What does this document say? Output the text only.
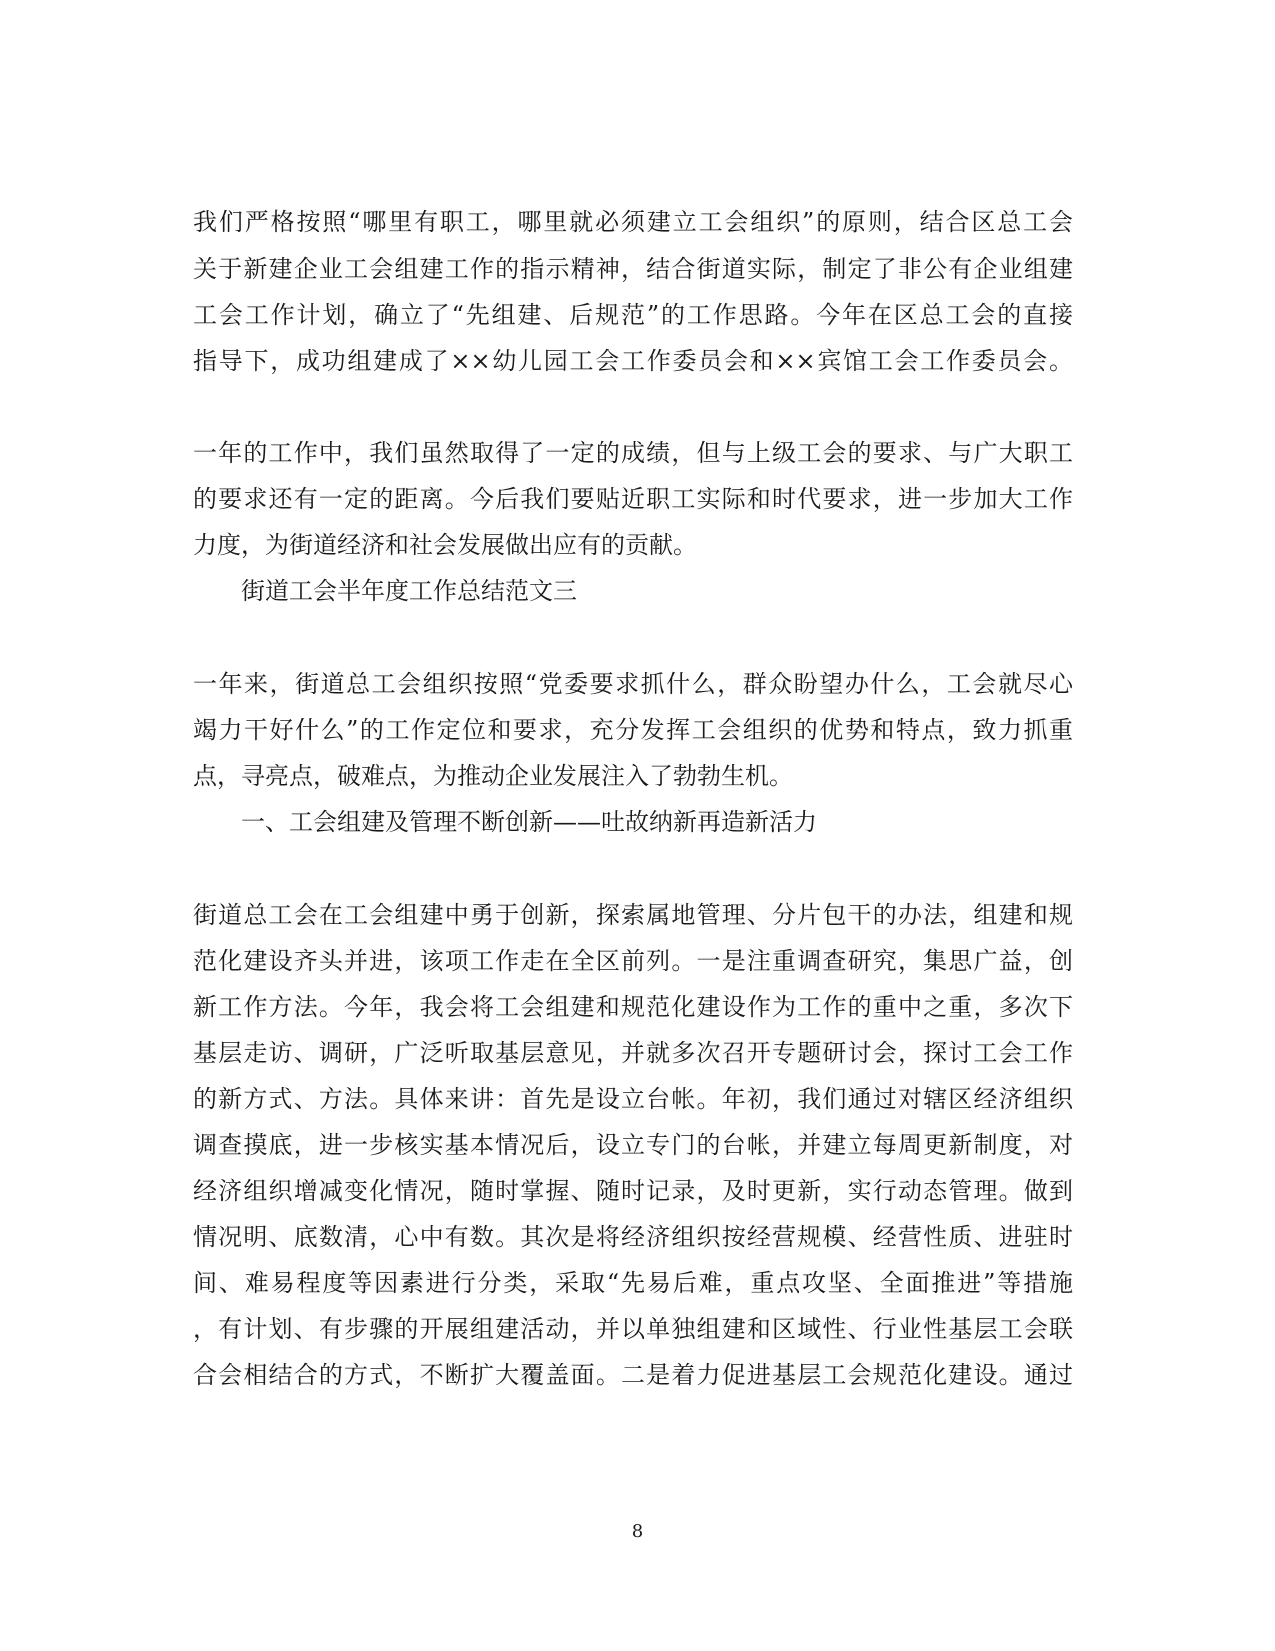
我们严格按照“哪里有职工，哪里就必须建立工会组织”的原则，结合区总工会
关于新建企业工会组建工作的指示精神，结合街道实际，制定了非公有企业组建
工会工作计划，确立了“先组建、后规范”的工作思路。今年在区总工会的直接
指导下，成功组建成了××幼儿园工会工作委员会和××宾馆工会工作委员会。
一年的工作中，我们虽然取得了一定的成绩，但与上级工会的要求、与广大职工
的要求还有一定的距离。今后我们要贴近职工实际和时代要求，进一步加大工作
力度，为街道经济和社会发展做出应有的贡献。
街道工会半年度工作总结范文三
一年来，街道总工会组织按照“党委要求抓什么，群众盼望办什么，工会就尽心
竭力干好什么”的工作定位和要求，充分发挥工会组织的优势和特点，致力抓重
点，寻亮点，破难点，为推动企业发展注入了勃勃生机。
一、工会组建及管理不断创新——吐故纳新再造新活力
街道总工会在工会组建中勇于创新，探索属地管理、分片包干的办法，组建和规
范化建设齐头并进，该项工作走在全区前列。一是注重调查研究，集思广益，创
新工作方法。今年，我会将工会组建和规范化建设作为工作的重中之重，多次下
基层走访、调研，广泛听取基层意见，并就多次召开专题研讨会，探讨工会工作
的新方式、方法。具体来讲：首先是设立台帐。年初，我们通过对辖区经济组织
调查摸底，进一步核实基本情况后，设立专门的台帐，并建立每周更新制度，对
经济组织增减变化情况，随时掌握、随时记录，及时更新，实行动态管理。做到
情况明、底数清，心中有数。其次是将经济组织按经营规模、经营性质、进驻时
间、难易程度等因素进行分类，采取“先易后难，重点攻坚、全面推进”等措施
，有计划、有步骤的开展组建活动，并以单独组建和区域性、行业性基层工会联
合会相结合的方式，不断扩大覆盖面。二是着力促进基层工会规范化建设。通过
8
